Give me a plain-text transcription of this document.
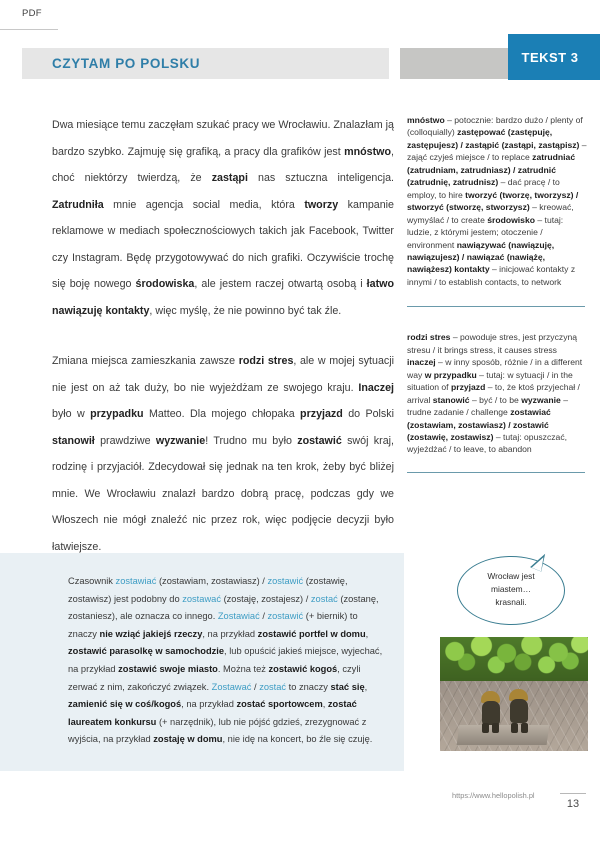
PDF
CZYTAM PO POLSKU	TEKST 3

Dwa miesiące temu zaczęłam szukać pracy we Wrocławiu. Znalazłam ją bardzo szybko. Zajmuję się grafiką, a pracy dla grafików jest mnóstwo, choć niektórzy twierdzą, że zastąpi nas sztuczna inteligencja. Zatrudniła mnie agencja social media, która tworzy kampanie reklamowe w mediach społecznościowych takich jak Facebook, Twitter czy Instagram. Będę przygotowywać do nich grafiki. Oczywiście trochę się boję nowego środowiska, ale jestem raczej otwartą osobą i łatwo nawiązuję kontakty, więc myślę, że nie powinno być tak źle.

Zmiana miejsca zamieszkania zawsze rodzi stres, ale w mojej sytuacji nie jest on aż tak duży, bo nie wyjeżdżam ze swojego kraju. Inaczej było w przypadku Matteo. Dla mojego chłopaka przyjazd do Polski stanowił prawdziwe wyzwanie! Trudno mu było zostawić swój kraj, rodzinę i przyjaciół. Zdecydował się jednak na ten krok, żeby być bliżej mnie. We Wrocławiu znalazł bardzo dobrą pracę, podczas gdy we Włoszech nie mógł znaleźć nic przez rok, więc podjęcie decyzji było łatwiejsze.

mnóstwo – potocznie: bardzo dużo / plenty of (colloquially) zastępować (zastępuję, zastępujesz) / zastąpić (zastąpi, zastąpisz) – zająć czyjeś miejsce / to replace zatrudniać (zatrudniam, zatrudniasz) / zatrudnić (zatrudnię, zatrudnisz) – dać pracę / to employ, to hire tworzyć (tworzę, tworzysz) / stworzyć (stworzę, stworzysz) – kreować, wymyślać / to create środowisko – tutaj: ludzie, z którymi jestem; otoczenie / environment nawiązywać (nawiązuję, nawiązujesz) / nawiązać (nawiążę, nawiążesz) kontakty – inicjować kontakty z innymi / to establish contacts, to network
rodzi stres – powoduje stres, jest przyczyną stresu / it brings stress, it causes stress inaczej – w inny sposób, różnie / in a different way w przypadku – tutaj: w sytuacji / in the situation of przyjazd – to, że ktoś przyjechał / arrival stanowić – być / to be wyzwanie – trudne zadanie / challenge zostawiać (zostawiam, zostawiasz) / zostawić (zostawię, zostawisz) – tutaj: opuszczać, wyjeżdżać / to leave, to abandon
Czasownik zostawiać (zostawiam, zostawiasz) / zostawić (zostawię, zostawisz) jest podobny do zostawać (zostaję, zostajesz) / zostać (zostanę, zostaniesz), ale oznacza co innego. Zostawiać / zostawić (+ biernik) to znaczy nie wziąć jakiejś rzeczy, na przykład zostawić portfel w domu, zostawić parasolkę w samochodzie, lub opuścić jakieś miejsce, wyjechać, na przykład zostawić swoje miasto. Można też zostawić kogoś, czyli zerwać z nim, zakończyć związek. Zostawać / zostać to znaczy stać się, zamienić się w coś/kogoś, na przykład zostać sportowcem, zostać laureatem konkursu (+ narzędnik), lub nie pójść gdzieś, zrezygnować z wyjścia, na przykład zostaję w domu, nie idę na koncert, bo źle się czuję.
Wrocław jest
miastem…
krasnali.
https://www.hellopolish.pl
13
